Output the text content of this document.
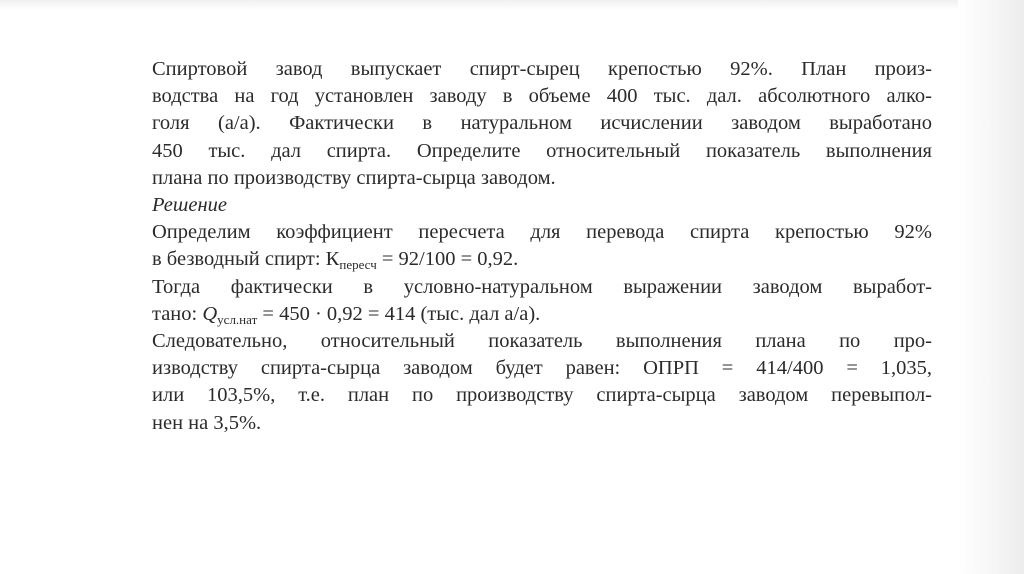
Спиртовой завод выпускает спирт-сырец крепостью 92%. План произ-
водства на год установлен заводу в объеме 400 тыс. дал. абсолютного алко-
голя (а/а). Фактически в натуральном исчислении заводом выработано
450 тыс. дал спирта. Определите относительный показатель выполнения
плана по производству спирта-сырца заводом.
Решение
Определим коэффициент пересчета для перевода спирта крепостью 92%
в безводный спирт: $К_{пересч} = 92/100 = 0,92$.
Тогда фактически в условно-натуральном выражении заводом выработ-
тано: $Q_{усл.нат} = 450 \cdot 0,92 = 414$ (тыс. дал а/а).
Следовательно, относительный показатель выполнения плана по про-
изводству спирта-сырца заводом будет равен: ОПРП = 414/400 = 1,035,
или 103,5%, т.е. план по производству спирта-сырца заводом перевыпол-
нен на 3,5%.
